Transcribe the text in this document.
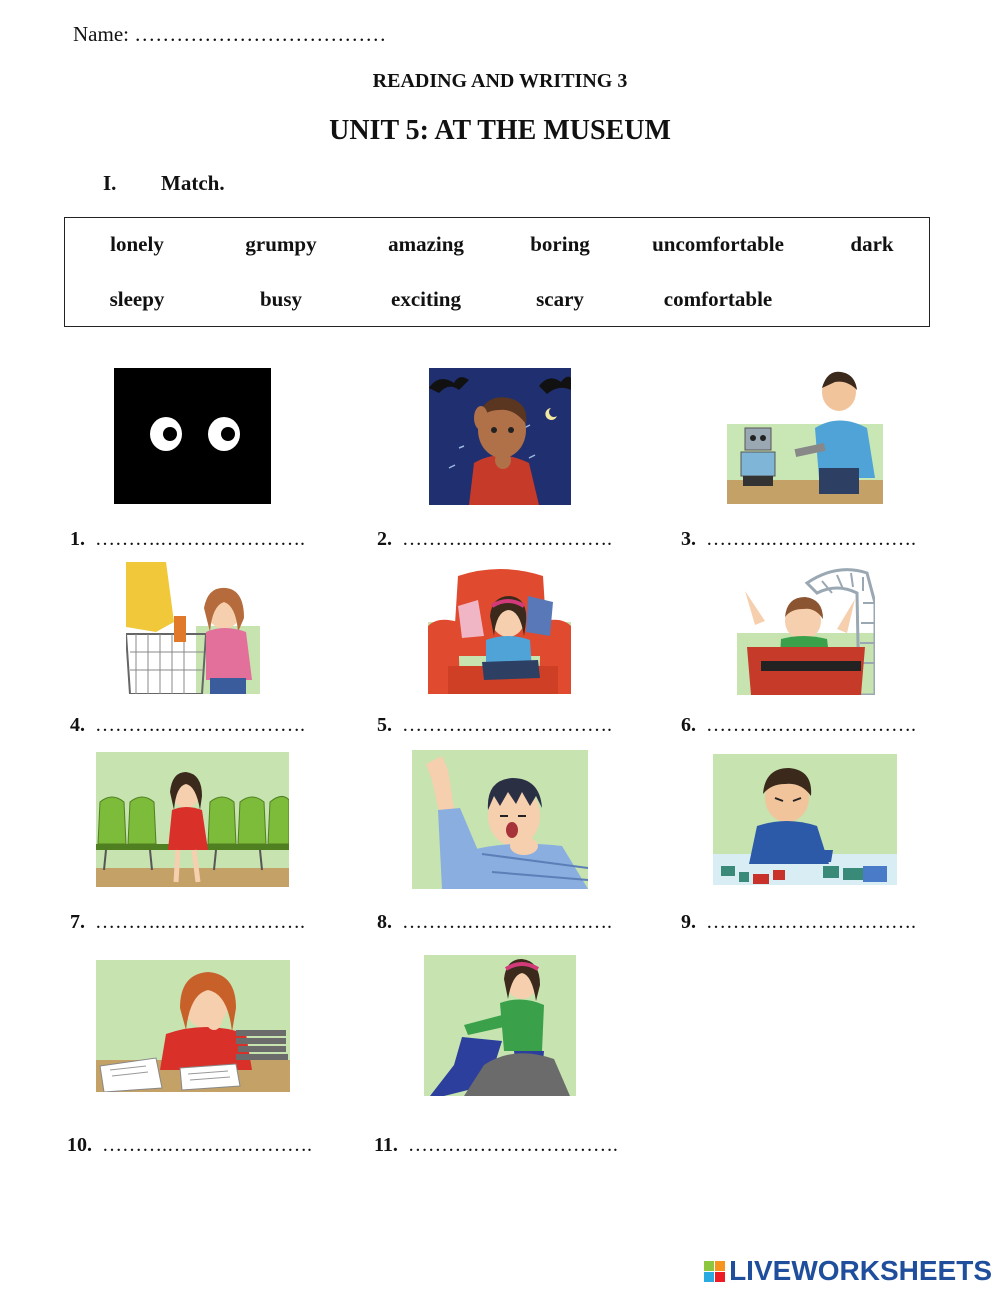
Name: ………………………………
READING AND WRITING 3
UNIT 5: AT THE MUSEUM
I. Match.
lonely	grumpy	amazing	boring	uncomfortable	dark
sleepy	busy	exciting	scary	comfortable
1. ……….………………….	2. ……….………………….	3. ……….………………….
4. ……….………………….	5. ……….………………….	6. ……….………………….
7. ……….………………….	8. ……….………………….	9. ……….………………….
10. ……….………………….	11. ……….………………….
LIVEWORKSHEETS
